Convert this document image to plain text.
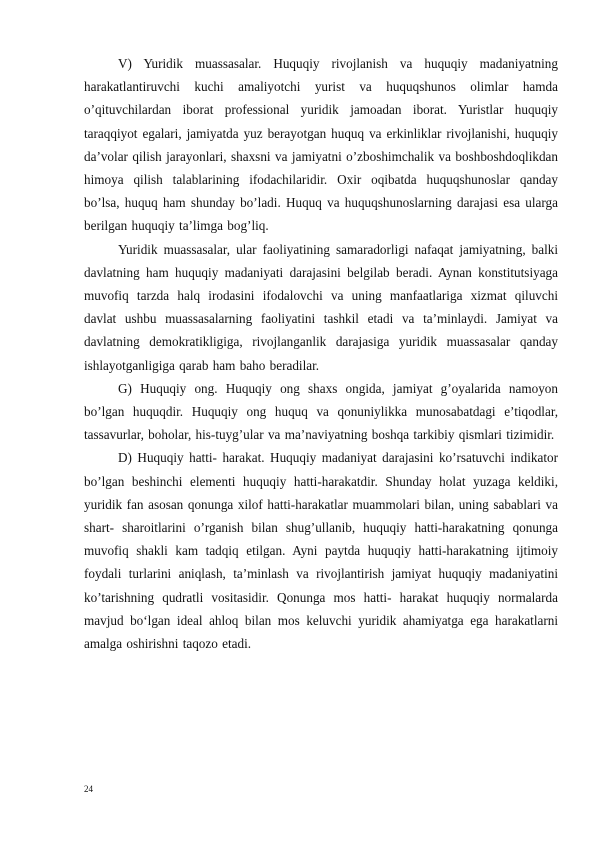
V) Yuridik muassasalar. Huquqiy rivojlanish va huquqiy madaniyatning harakatlantiruvchi kuchi amaliyotchi yurist va huquqshunos olimlar hamda o’qituvchilardan iborat professional yuridik jamoadan iborat. Yuristlar huquqiy taraqqiyot egalari, jamiyatda yuz berayotgan huquq va erkinliklar rivojlanishi, huquqiy da’volar qilish jarayonlari, shaxsni va jamiyatni o’zboshimchalik va boshboshdoqlikdan himoya qilish talablarining ifodachilaridir. Oxir oqibatda huquqshunoslar qanday bo’lsa, huquq ham shunday bo’ladi. Huquq va huquqshunoslarning darajasi esa ularga berilgan huquqiy ta’limga bog’liq.

Yuridik muassasalar, ular faoliyatining samaradorligi nafaqat jamiyatning, balki davlatning ham huquqiy madaniyati darajasini belgilab beradi. Aynan konstitutsiyaga muvofiq tarzda halq irodasini ifodalovchi va uning manfaatlariga xizmat qiluvchi davlat ushbu muassasalarning faoliyatini tashkil etadi va ta’minlaydi. Jamiyat va davlatning demokratikligiga, rivojlanganlik darajasiga yuridik muassasalar qanday ishlayotganligiga qarab ham baho beradilar.

G) Huquqiy ong. Huquqiy ong shaxs ongida, jamiyat g’oyalarida namoyon bo’lgan huquqdir. Huquqiy ong huquq va qonuniylikka munosabatdagi e’tiqodlar, tassavurlar, boholar, his-tuyg’ular va ma’naviyatning boshqa tarkibiy qismlari tizimidir.

D) Huquqiy hatti- harakat. Huquqiy madaniyat darajasini ko’rsatuvchi indikator bo’lgan beshinchi elementi huquqiy hatti-harakatdir. Shunday holat yuzaga keldiki, yuridik fan asosan qonunga xilof hatti-harakatlar muammolari bilan, uning sabablari va shart- sharoitlarini o’rganish bilan shug’ullanib, huquqiy hatti-harakatning qonunga muvofiq shakli kam tadqiq etilgan. Ayni paytda huquqiy hatti-harakatning ijtimoiy foydali turlarini aniqlash, ta’minlash va rivojlantirish jamiyat huquqiy madaniyatini ko’tarishning qudratli vositasidir. Qonunga mos hatti- harakat huquqiy normalarda mavjud bo‘lgan ideal ahloq bilan mos keluvchi yuridik ahamiyatga ega harakatlarni amalga oshirishni taqozo etadi.

24
